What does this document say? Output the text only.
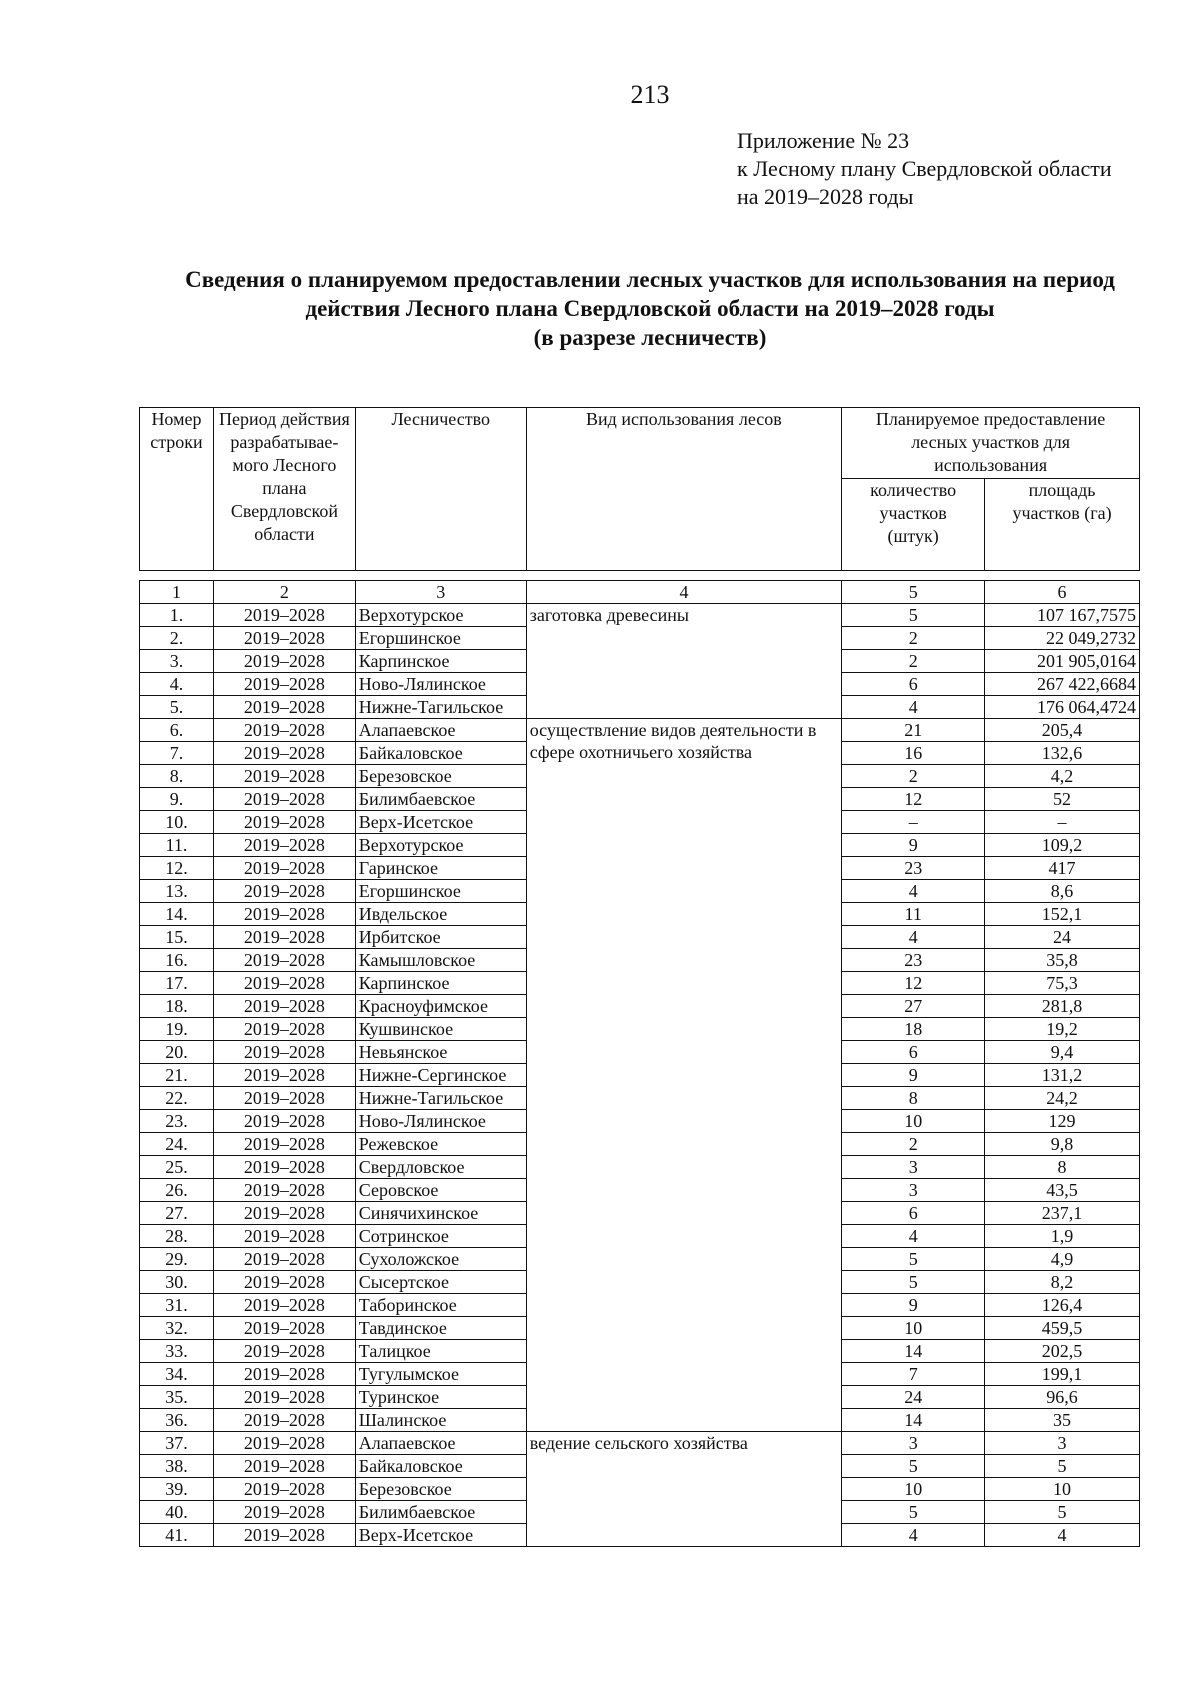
213
Приложение № 23
к Лесному плану Свердловской области
на 2019–2028 годы
Сведения о планируемом предоставлении лесных участков для использования на период
действия Лесного плана Свердловской области на 2019–2028 годы
(в разрезе лесничеств)
Номер строки	Период действия разрабатывае-мого Лесного плана Свердловской области	Лесничество	Вид использования лесов	Планируемое предоставление лесных участков для использования	
				количество участков (штук)	площадь участков (га)
1	2	3	4	5	6
1.	2019–2028	Верхотурское	заготовка древесины	5	107 167,7575
2.	2019–2028	Егоршинское		2	22 049,2732
3.	2019–2028	Карпинское		2	201 905,0164
4.	2019–2028	Ново-Лялинское		6	267 422,6684
5.	2019–2028	Нижне-Тагильское		4	176 064,4724
6.	2019–2028	Алапаевское	осуществление видов деятельности в сфере охотничьего хозяйства	21	205,4
7.	2019–2028	Байкаловское		16	132,6
8.	2019–2028	Березовское		2	4,2
9.	2019–2028	Билимбаевское		12	52
10.	2019–2028	Верх-Исетское		–	–
11.	2019–2028	Верхотурское		9	109,2
12.	2019–2028	Гаринское		23	417
13.	2019–2028	Егоршинское		4	8,6
14.	2019–2028	Ивдельское		11	152,1
15.	2019–2028	Ирбитское		4	24
16.	2019–2028	Камышловское		23	35,8
17.	2019–2028	Карпинское		12	75,3
18.	2019–2028	Красноуфимское		27	281,8
19.	2019–2028	Кушвинское		18	19,2
20.	2019–2028	Невьянское		6	9,4
21.	2019–2028	Нижне-Сергинское		9	131,2
22.	2019–2028	Нижне-Тагильское		8	24,2
23.	2019–2028	Ново-Лялинское		10	129
24.	2019–2028	Режевское		2	9,8
25.	2019–2028	Свердловское		3	8
26.	2019–2028	Серовское		3	43,5
27.	2019–2028	Синячихинское		6	237,1
28.	2019–2028	Сотринское		4	1,9
29.	2019–2028	Сухоложское		5	4,9
30.	2019–2028	Сысертское		5	8,2
31.	2019–2028	Таборинское		9	126,4
32.	2019–2028	Тавдинское		10	459,5
33.	2019–2028	Талицкое		14	202,5
34.	2019–2028	Тугулымское		7	199,1
35.	2019–2028	Туринское		24	96,6
36.	2019–2028	Шалинское		14	35
37.	2019–2028	Алапаевское	ведение сельского хозяйства	3	3
38.	2019–2028	Байкаловское		5	5
39.	2019–2028	Березовское		10	10
40.	2019–2028	Билимбаевское		5	5
41.	2019–2028	Верх-Исетское		4	4
